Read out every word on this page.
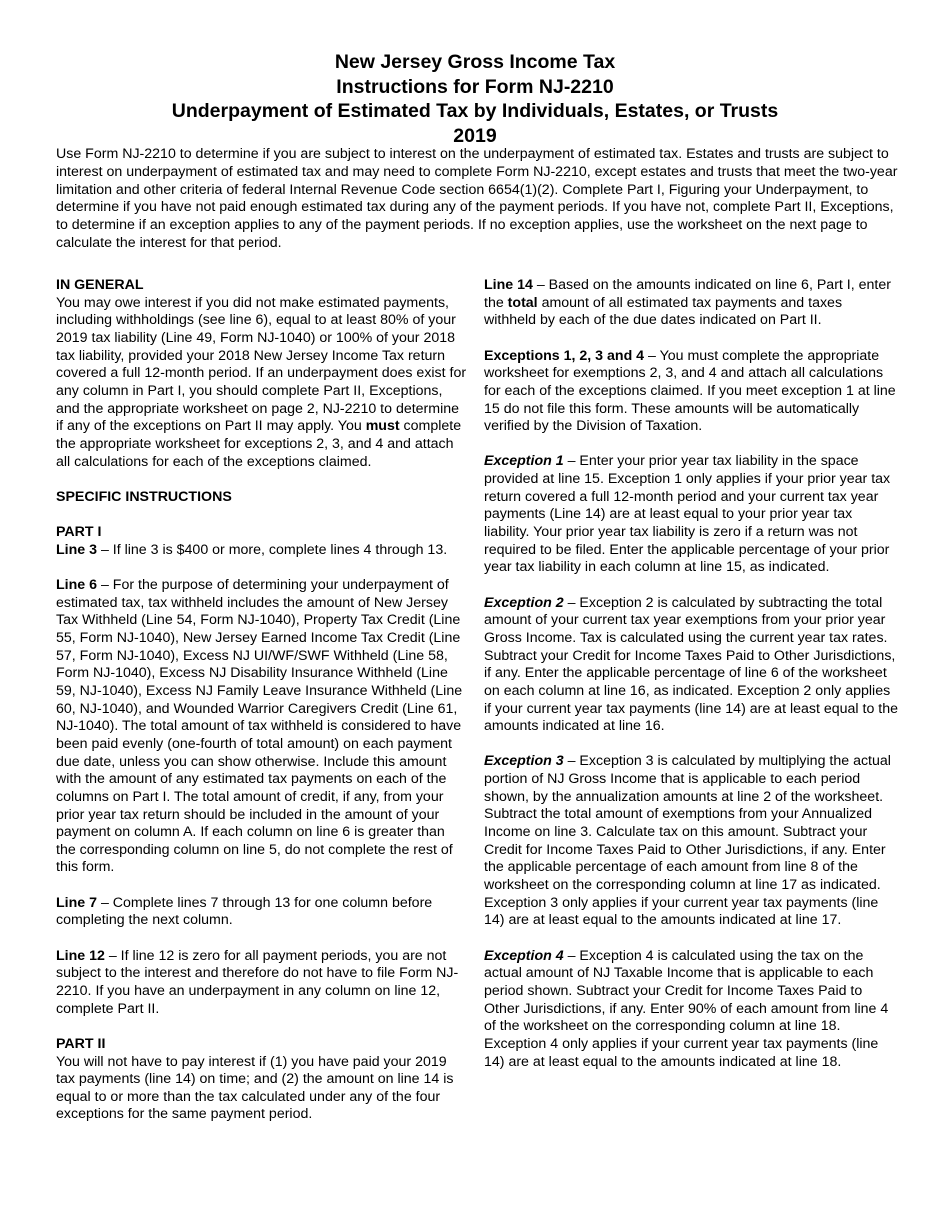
New Jersey Gross Income Tax
Instructions for Form NJ-2210
Underpayment of Estimated Tax by Individuals, Estates, or Trusts
2019

Use Form NJ-2210 to determine if you are subject to interest on the underpayment of estimated tax. Estates and trusts are subject to interest on underpayment of estimated tax and may need to complete Form NJ-2210, except estates and trusts that meet the two-year limitation and other criteria of federal Internal Revenue Code section 6654(1)(2). Complete Part I, Figuring your Underpayment, to determine if you have not paid enough estimated tax during any of the payment periods. If you have not, complete Part II, Exceptions, to determine if an exception applies to any of the payment periods. If no exception applies, use the worksheet on the next page to calculate the interest for that period.

IN GENERAL

You may owe interest if you did not make estimated payments, including withholdings (see line 6), equal to at least 80% of your 2019 tax liability (Line 49, Form NJ-1040) or 100% of your 2018 tax liability, provided your 2018 New Jersey Income Tax return covered a full 12-month period. If an underpayment does exist for any column in Part I, you should complete Part II, Exceptions, and the appropriate worksheet on page 2, NJ-2210 to determine if any of the exceptions on Part II may apply. You must complete the appropriate worksheet for exceptions 2, 3, and 4 and attach all calculations for each of the exceptions claimed.

SPECIFIC INSTRUCTIONS
PART I

Line 3 – If line 3 is $400 or more, complete lines 4 through 13.

Line 6 – For the purpose of determining your underpayment of estimated tax, tax withheld includes the amount of New Jersey Tax Withheld (Line 54, Form NJ-1040), Property Tax Credit (Line 55, Form NJ-1040), New Jersey Earned Income Tax Credit (Line 57, Form NJ-1040), Excess NJ UI/WF/SWF Withheld (Line 58, Form NJ-1040), Excess NJ Disability Insurance Withheld (Line 59, NJ-1040), Excess NJ Family Leave Insurance Withheld (Line 60, NJ-1040), and Wounded Warrior Caregivers Credit (Line 61, NJ-1040). The total amount of tax withheld is considered to have been paid evenly (one-fourth of total amount) on each payment due date, unless you can show otherwise. Include this amount with the amount of any estimated tax payments on each of the columns on Part I. The total amount of credit, if any, from your prior year tax return should be included in the amount of your payment on column A. If each column on line 6 is greater than the corresponding column on line 5, do not complete the rest of this form.

Line 7 – Complete lines 7 through 13 for one column before completing the next column.

Line 12 – If line 12 is zero for all payment periods, you are not subject to the interest and therefore do not have to file Form NJ-2210. If you have an underpayment in any column on line 12, complete Part II.

PART II

You will not have to pay interest if (1) you have paid your 2019 tax payments (line 14) on time; and (2) the amount on line 14 is equal to or more than the tax calculated under any of the four exceptions for the same payment period.

Line 14 – Based on the amounts indicated on line 6, Part I, enter the total amount of all estimated tax payments and taxes withheld by each of the due dates indicated on Part II.

Exceptions 1, 2, 3 and 4 – You must complete the appropriate worksheet for exemptions 2, 3, and 4 and attach all calculations for each of the exceptions claimed. If you meet exception 1 at line 15 do not file this form. These amounts will be automatically verified by the Division of Taxation.

Exception 1 – Enter your prior year tax liability in the space provided at line 15. Exception 1 only applies if your prior year tax return covered a full 12-month period and your current tax year payments (Line 14) are at least equal to your prior year tax liability. Your prior year tax liability is zero if a return was not required to be filed. Enter the applicable percentage of your prior year tax liability in each column at line 15, as indicated.

Exception 2 – Exception 2 is calculated by subtracting the total amount of your current tax year exemptions from your prior year Gross Income. Tax is calculated using the current year tax rates. Subtract your Credit for Income Taxes Paid to Other Jurisdictions, if any. Enter the applicable percentage of line 6 of the worksheet on each column at line 16, as indicated. Exception 2 only applies if your current year tax payments (line 14) are at least equal to the amounts indicated at line 16.

Exception 3 – Exception 3 is calculated by multiplying the actual portion of NJ Gross Income that is applicable to each period shown, by the annualization amounts at line 2 of the worksheet. Subtract the total amount of exemptions from your Annualized Income on line 3. Calculate tax on this amount. Subtract your Credit for Income Taxes Paid to Other Jurisdictions, if any. Enter the applicable percentage of each amount from line 8 of the worksheet on the corresponding column at line 17 as indicated. Exception 3 only applies if your current year tax payments (line 14) are at least equal to the amounts indicated at line 17.

Exception 4 – Exception 4 is calculated using the tax on the actual amount of NJ Taxable Income that is applicable to each period shown. Subtract your Credit for Income Taxes Paid to Other Jurisdictions, if any. Enter 90% of each amount from line 4 of the worksheet on the corresponding column at line 18. Exception 4 only applies if your current year tax payments (line 14) are at least equal to the amounts indicated at line 18.
